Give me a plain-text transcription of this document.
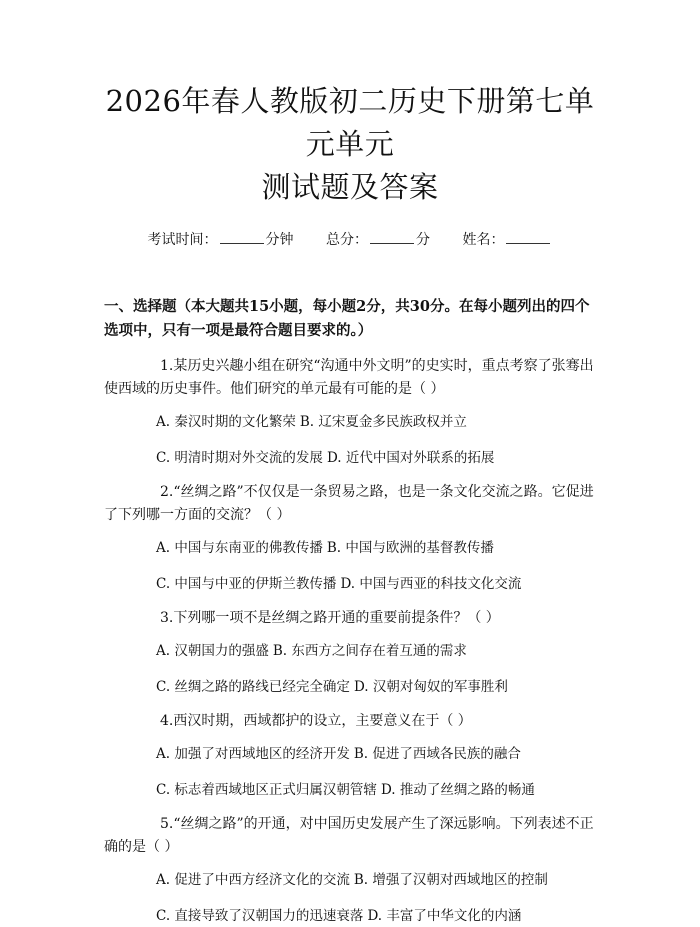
2026年春人教版初二历史下册第七单元单元
测试题及答案
考试时间：	分钟 总分：	分 姓名：
一、选择题（本大题共15小题，每小题2分，共30分。在每小题列出的四个选项中，只有一项是最符合题目要求的。）
1.某历史兴趣小组在研究“沟通中外文明”的史实时，重点考察了张骞出使西域的历史事件。他们研究的单元最有可能的是（ ）
A. 秦汉时期的文化繁荣 B. 辽宋夏金多民族政权并立
C. 明清时期对外交流的发展 D. 近代中国对外联系的拓展
2.“丝绸之路”不仅仅是一条贸易之路，也是一条文化交流之路。它促进了下列哪一方面的交流？（ ）
A. 中国与东南亚的佛教传播 B. 中国与欧洲的基督教传播
C. 中国与中亚的伊斯兰教传播 D. 中国与西亚的科技文化交流
3.下列哪一项不是丝绸之路开通的重要前提条件？（ ）
A. 汉朝国力的强盛 B. 东西方之间存在着互通的需求
C. 丝绸之路的路线已经完全确定 D. 汉朝对匈奴的军事胜利
4.西汉时期，西域都护的设立，主要意义在于（ ）
A. 加强了对西域地区的经济开发 B. 促进了西域各民族的融合
C. 标志着西域地区正式归属汉朝管辖 D. 推动了丝绸之路的畅通
5.“丝绸之路”的开通，对中国历史发展产生了深远影响。下列表述不正确的是（ ）
A. 促进了中西方经济文化的交流 B. 增强了汉朝对西域地区的控制
C. 直接导致了汉朝国力的迅速衰落 D. 丰富了中华文化的内涵
